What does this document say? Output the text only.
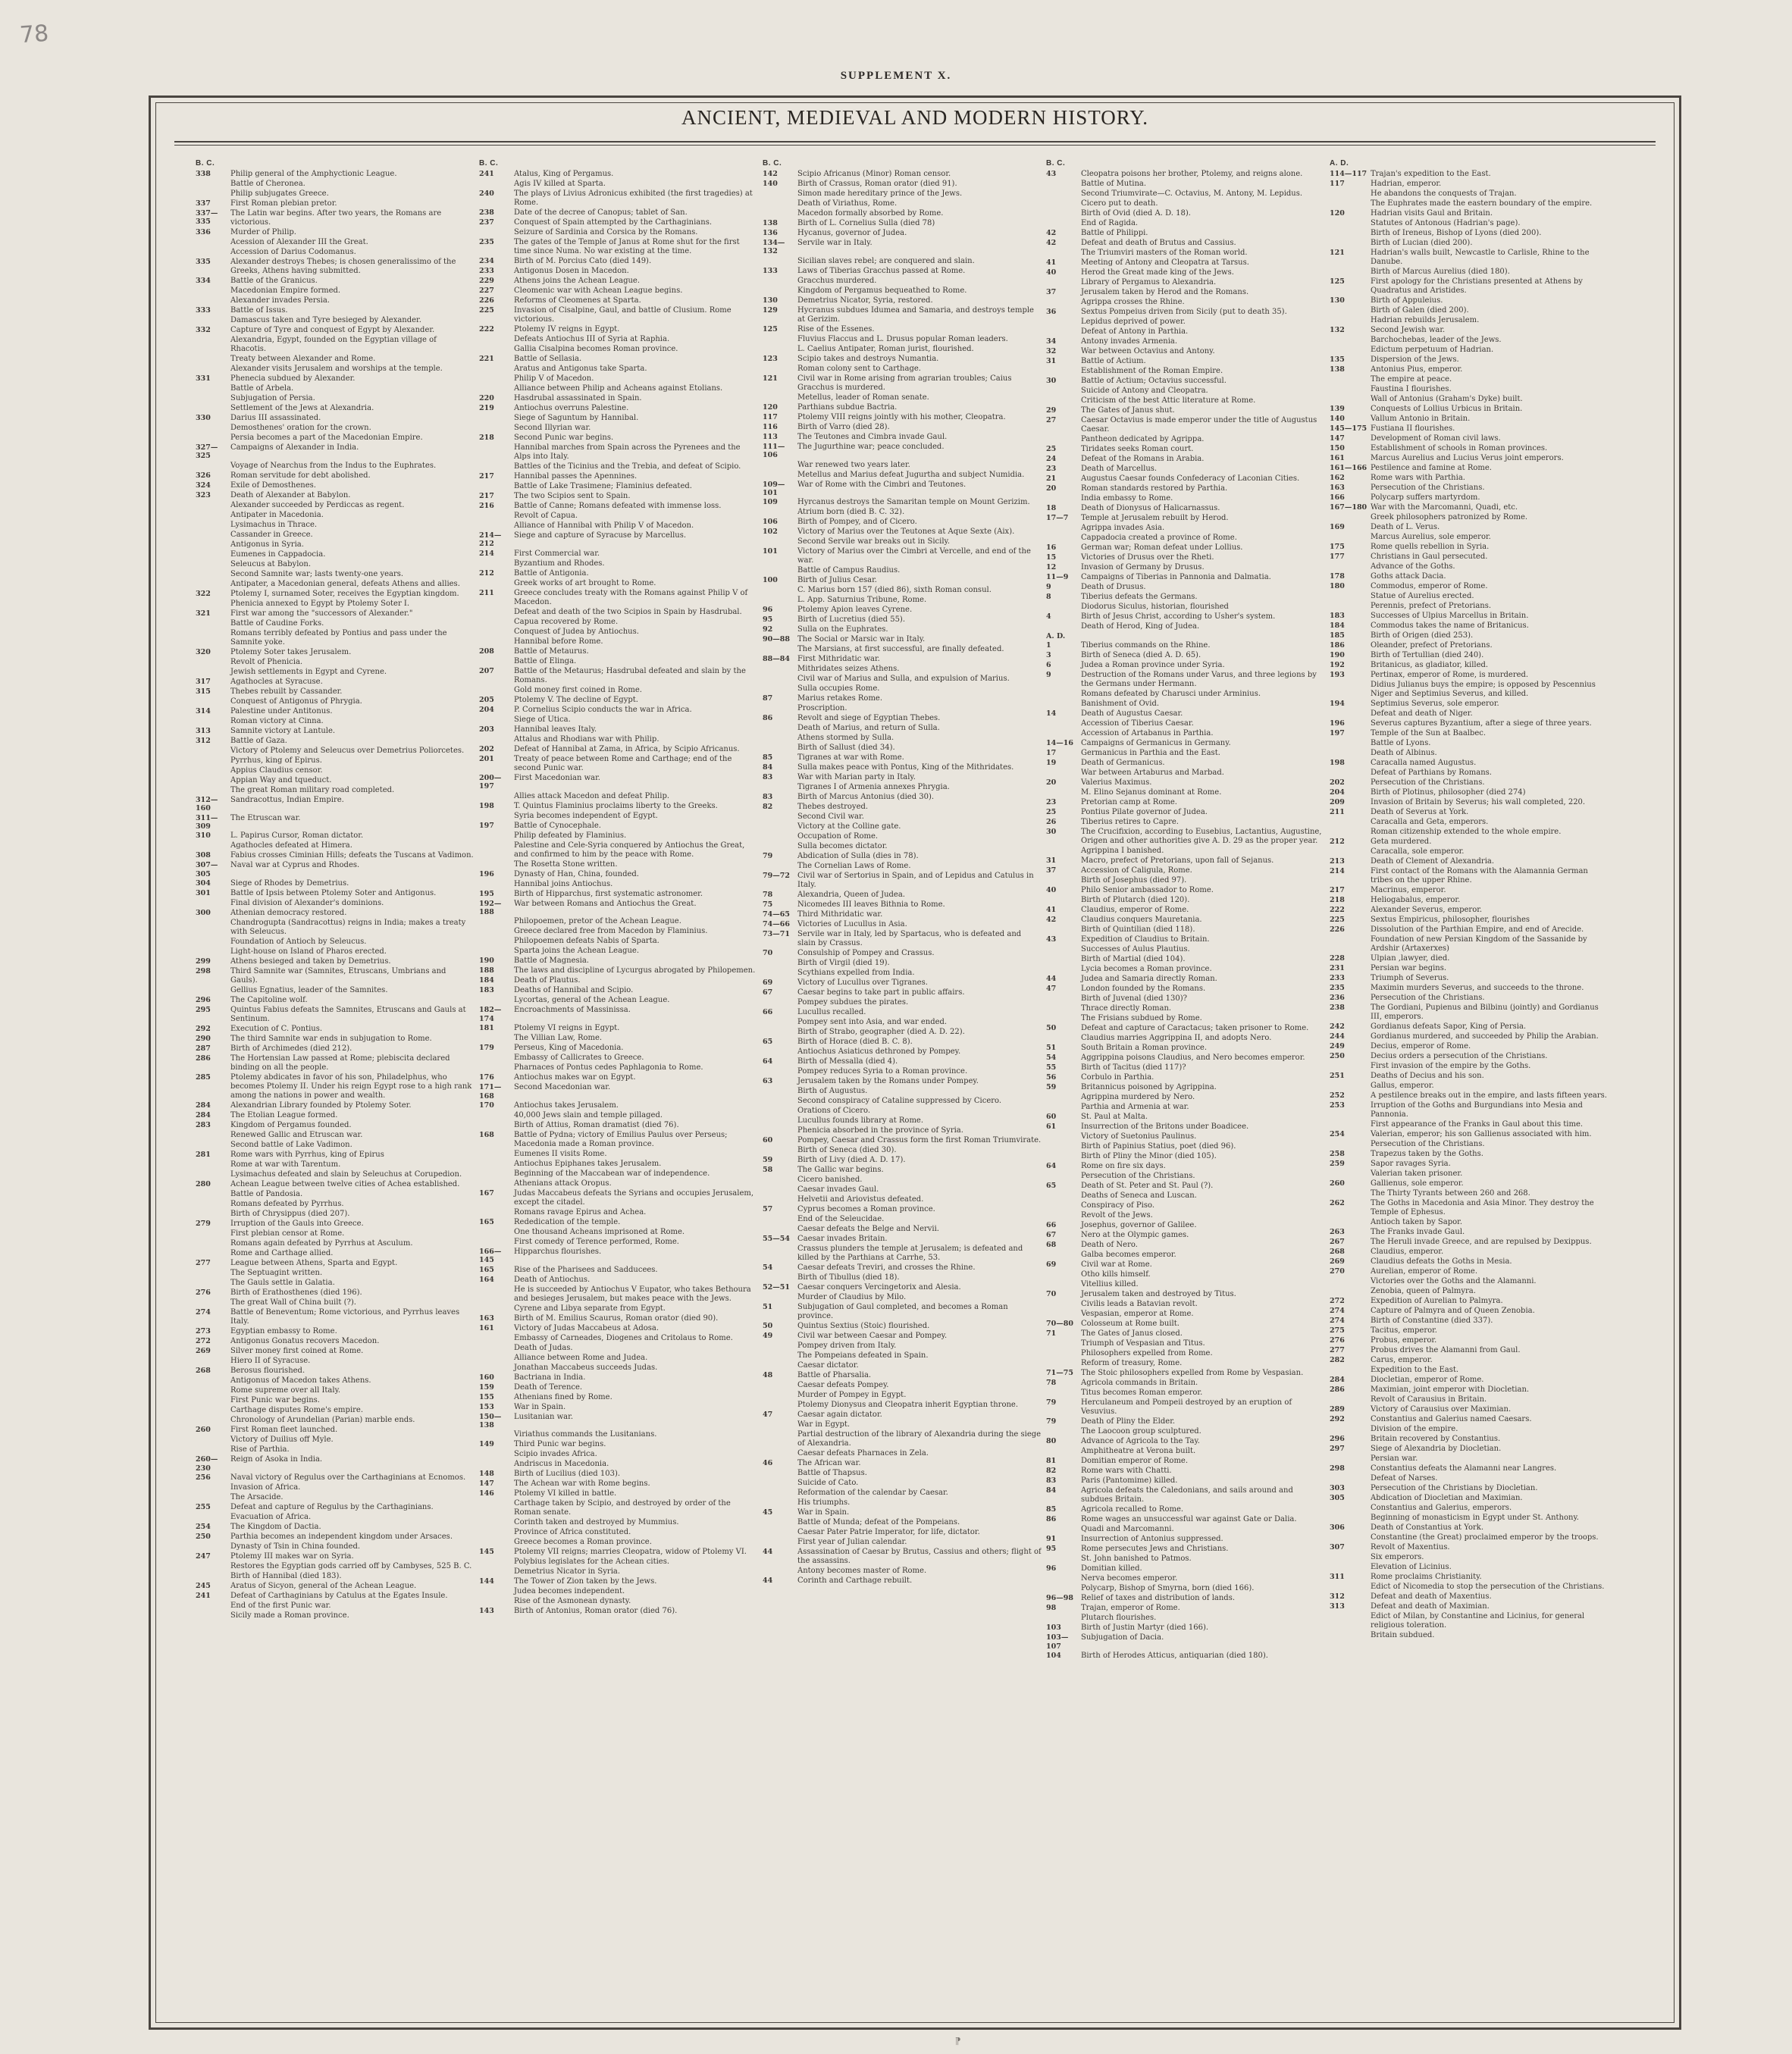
78
SUPPLEMENT X.
ANCIENT, MEDIEVAL AND MODERN HISTORY.
B. C.
338	Philip general of the Amphyctionic League.
Battle of Cheronea.
Philip subjugates Greece.
337	First Roman plebian pretor.
337—335
The Latin war begins. After two years, the Romans are victorious.
336	Murder of Philip.
Acession of Alexander III the Great.
Accession of Darius Codomanus.
335	Alexander destroys Thebes; is chosen generalissimo of the Greeks, Athens having submitted.
334	Battle of the Granicus.
Macedonian Empire formed.
Alexander invades Persia.
333	Battle of Issus.
Damascus taken and Tyre besieged by Alexander.
332	Capture of Tyre and conquest of Egypt by Alexander.
Alexandria, Egypt, founded on the Egyptian village of Rhacotis.
Treaty between Alexander and Rome.
Alexander visits Jerusalem and worships at the temple.
331	Phenecia subdued by Alexander.
Battle of Arbela.
Subjugation of Persia.
Settlement of the Jews at Alexandria.
330	Darius III assassinated.
Demosthenes' oration for the crown.
Persia becomes a part of the Macedonian Empire.
327—325
Campaigns of Alexander in India.
Voyage of Nearchus from the Indus to the Euphrates.
326	Roman servitude for debt abolished.
324	Exile of Demosthenes.
323	Death of Alexander at Babylon.
Alexander succeeded by Perdiccas as regent.
Antipater in Macedonia.
Lysimachus in Thrace.
Cassander in Greece.
Antigonus in Syria.
Eumenes in Cappadocia.
Seleucus at Babylon.
Second Samnite war; lasts twenty-one years.
Antipater, a Macedonian general, defeats Athens and allies.
322	Ptolemy I, surnamed Soter, receives the Egyptian kingdom.
Phenicia annexed to Egypt by Ptolemy Soter I.
321	First war among the "successors of Alexander."
Battle of Caudine Forks.
Romans terribly defeated by Pontius and pass under the Samnite yoke.
320	Ptolemy Soter takes Jerusalem.
Revolt of Phenicia.
Jewish settlements in Egypt and Cyrene.
317	Agathocles at Syracuse.
315	Thebes rebuilt by Cassander.
Conquest of Antigonus of Phrygia.
314	Palestine under Antitonus.
Roman victory at Cinna.
313	Samnite victory at Lantule.
312	Battle of Gaza.
Victory of Ptolemy and Seleucus over Demetrius Poliorcetes.
Pyrrhus, king of Epirus.
Appius Claudius censor.
Appian Way and tqueduct.
The great Roman military road completed.
312—160
Sandracottus, Indian Empire.
311—309
The Etruscan war.
310	L. Papirus Cursor, Roman dictator.
Agathocles defeated at Himera.
308	Fabius crosses Ciminian Hills; defeats the Tuscans at Vadimon.
307—305
Naval war at Cyprus and Rhodes.
304	Siege of Rhodes by Demetrius.
301	Battle of Ipsis between Ptolemy Soter and Antigonus.
Final division of Alexander's dominions.
300	Athenian democracy restored.
Chandrogupta (Sandracottus) reigns in India; makes a treaty with Seleucus.
Foundation of Antioch by Seleucus.
Light-house on Island of Pharos erected.
299	Athens besieged and taken by Demetrius.
298	Third Samnite war (Samnites, Etruscans, Umbrians and Gauls).
Gellius Egnatius, leader of the Samnites.
296	The Capitoline wolf.
295	Quintus Fabius defeats the Samnites, Etruscans and Gauls at Sentinum.
292	Execution of C. Pontius.
290	The third Samnite war ends in subjugation to Rome.
287	Birth of Archimedes (died 212).
286	The Hortensian Law passed at Rome; plebiscita declared binding on all the people.
285	Ptolemy abdicates in favor of his son, Philadelphus, who becomes Ptolemy II. Under his reign Egypt rose to a high rank among the nations in power and wealth.
284	Alexandrian Library founded by Ptolemy Soter.
284	The Etolian League formed.
283	Kingdom of Pergamus founded.
Renewed Gallic and Etruscan war.
Second battle of Lake Vadimon.
281	Rome wars with Pyrrhus, king of Epirus
Rome at war with Tarentum.
Lysimachus defeated and slain by Seleuchus at Corupedion.
280	Achean League between twelve cities of Achea established.
Battle of Pandosia.
Romans defeated by Pyrrhus.
Birth of Chrysippus (died 207).
279	Irruption of the Gauls into Greece.
First plebian censor at Rome.
Romans again defeated by Pyrrhus at Asculum.
Rome and Carthage allied.
277	League between Athens, Sparta and Egypt.
The Septuagint written.
The Gauls settle in Galatia.
276	Birth of Erathosthenes (died 196).
The great Wall of China built (?).
274	Battle of Beneventum; Rome victorious, and Pyrrhus leaves Italy.
273	Egyptian embassy to Rome.
272	Antigonus Gonatus recovers Macedon.
269	Silver money first coined at Rome.
Hiero II of Syracuse.
268	Berosus flourished.
Antigonus of Macedon takes Athens.
Rome supreme over all Italy.
First Punic war begins.
Carthage disputes Rome's empire.
Chronology of Arundelian (Parian) marble ends.
260	First Roman fleet launched.
Victory of Duilius off Myle.
Rise of Parthia.
260—230
Reign of Asoka in India.
256	Naval victory of Regulus over the Carthaginians at Ecnomos.
Invasion of Africa.
The Arsacide.
255	Defeat and capture of Regulus by the Carthaginians.
Evacuation of Africa.
254	The Kingdom of Dactia.
250	Parthia becomes an independent kingdom under Arsaces.
Dynasty of Tsin in China founded.
247	Ptolemy III makes war on Syria.
Restores the Egyptian gods carried off by Cambyses, 525 B. C.
Birth of Hannibal (died 183).
245	Aratus of Sicyon, general of the Achean League.
241	Defeat of Carthaginians by Catulus at the Egates Insule.
End of the first Punic war.
Sicily made a Roman province.
B. C.
241	Atalus, King of Pergamus.
Agis IV killed at Sparta.
240	The plays of Livius Adronicus exhibited (the first tragedies) at Rome.
238	Date of the decree of Canopus; tablet of San.
237	Conquest of Spain attempted by the Carthaginians.
Seizure of Sardinia and Corsica by the Romans.
235	The gates of the Temple of Janus at Rome shut for the first time since Numa. No war existing at the time.
234	Birth of M. Porcius Cato (died 149).
233	Antigonus Dosen in Macedon.
229	Athens joins the Achean League.
227	Cleomenic war with Achean League begins.
226	Reforms of Cleomenes at Sparta.
225	Invasion of Cisalpine, Gaul, and battle of Clusium. Rome victorious.
222	Ptolemy IV reigns in Egypt.
Defeats Antiochus III of Syria at Raphia.
Gallia Cisalpina becomes Roman province.
221	Battle of Sellasia.
Aratus and Antigonus take Sparta.
Philip V of Macedon.
Alliance between Philip and Acheans against Etolians.
220	Hasdrubal assassinated in Spain.
219	Antiochus overruns Palestine.
Siege of Saguntum by Hannibal.
Second Illyrian war.
218	Second Punic war begins.
Hannibal marches from Spain across the Pyrenees and the Alps into Italy.
Battles of the Ticinius and the Trebia, and defeat of Scipio.
217	Hannibal passes the Apennines.
Battle of Lake Trasimene; Flaminius defeated.
217	The two Scipios sent to Spain.
216	Battle of Canne; Romans defeated with immense loss.
Revolt of Capua.
Alliance of Hannibal with Philip V of Macedon.
214—212
Siege and capture of Syracuse by Marcellus.
214	First Commercial war.
Byzantium and Rhodes.
212	Battle of Antigonia.
Greek works of art brought to Rome.
211	Greece concludes treaty with the Romans against Philip V of Macedon.
Defeat and death of the two Scipios in Spain by Hasdrubal.
Capua recovered by Rome.
Conquest of Judea by Antiochus.
Hannibal before Rome.
208	Battle of Metaurus.
Battle of Elinga.
207	Battle of the Metaurus; Hasdrubal defeated and slain by the Romans.
Gold money first coined in Rome.
205	Ptolemy V. The decline of Egypt.
204	P. Cornelius Scipio conducts the war in Africa.
Siege of Utica.
203	Hannibal leaves Italy.
Attalus and Rhodians war with Philip.
202	Defeat of Hannibal at Zama, in Africa, by Scipio Africanus.
201	Treaty of peace between Rome and Carthage; end of the second Punic war.
200—197
First Macedonian war.
Allies attack Macedon and defeat Philip.
198	T. Quintus Flaminius proclaims liberty to the Greeks.
Syria becomes independent of Egypt.
197	Battle of Cynocephale.
Philip defeated by Flaminius.
Palestine and Cele-Syria conquered by Antiochus the Great, and confirmed to him by the peace with Rome.
The Rosetta Stone written.
196	Dynasty of Han, China, founded.
Hannibal joins Antiochus.
195	Birth of Hipparchus, first systematic astronomer.
192—188
War between Romans and Antiochus the Great.
Philopoemen, pretor of the Achean League.
Greece declared free from Macedon by Flaminius.
Philopoemen defeats Nabis of Sparta.
Sparta joins the Achean League.
190	Battle of Magnesia.
188	The laws and discipline of Lycurgus abrogated by Philopemen.
184	Death of Plautus.
183	Deaths of Hannibal and Scipio.
Lycortas, general of the Achean League.
182—174
Encroachments of Massinissa.
181	Ptolemy VI reigns in Egypt.
The Villian Law, Rome.
179	Perseus, King of Macedonia.
Embassy of Callicrates to Greece.
Pharnaces of Pontus cedes Paphlagonia to Rome.
176	Antiochus makes war on Egypt.
171—168
Second Macedonian war.
170	Antiochus takes Jerusalem.
40,000 Jews slain and temple pillaged.
Birth of Attius, Roman dramatist (died 76).
168	Battle of Pydna; victory of Emilius Paulus over Perseus; Macedonia made a Roman province.
Eumenes II visits Rome.
Antiochus Epiphanes takes Jerusalem.
Beginning of the Maccabean war of independence.
Athenians attack Oropus.
167	Judas Maccabeus defeats the Syrians and occupies Jerusalem, except the citadel.
Romans ravage Epirus and Achea.
165	Rededication of the temple.
One thousand Acheans imprisoned at Rome.
First comedy of Terence performed, Rome.
166—145
Hipparchus flourishes.
165	Rise of the Pharisees and Sadducees.
164	Death of Antiochus.
He is succeeded by Antiochus V Eupator, who takes Bethoura and besieges Jerusalem, but makes peace with the Jews.
Cyrene and Libya separate from Egypt.
163	Birth of M. Emilius Scaurus, Roman orator (died 90).
161	Victory of Judas Maccabeus at Adosa.
Embassy of Carneades, Diogenes and Critolaus to Rome.
Death of Judas.
Alliance between Rome and Judea.
Jonathan Maccabeus succeeds Judas.
160	Bactriana in India.
159	Death of Terence.
155	Athenians fined by Rome.
153	War in Spain.
150—138
Lusitanian war.
Viriathus commands the Lusitanians.
149	Third Punic war begins.
Scipio invades Africa.
Andriscus in Macedonia.
148	Birth of Lucilius (died 103).
147	The Achean war with Rome begins.
146	Ptolemy VI killed in battle.
Carthage taken by Scipio, and destroyed by order of the Roman senate.
Corinth taken and destroyed by Mummius.
Province of Africa constituted.
Greece becomes a Roman province.
145	Ptolemy VII reigns; marries Cleopatra, widow of Ptolemy VI.
Polybius legislates for the Achean cities.
Demetrius Nicator in Syria.
144	The Tower of Zion taken by the Jews.
Judea becomes independent.
Rise of the Asmonean dynasty.
143	Birth of Antonius, Roman orator (died 76).
B. C.
142	Scipio Africanus (Minor) Roman censor.
140	Birth of Crassus, Roman orator (died 91).
Simon made hereditary prince of the Jews.
Death of Viriathus, Rome.
Macedon formally absorbed by Rome.
138	Birth of L. Cornelius Sulla (died 78)
136	Hycanus, governor of Judea.
134—132
Servile war in Italy.
Sicilian slaves rebel; are conquered and slain.
133	Laws of Tiberias Gracchus passed at Rome.
Gracchus murdered.
Kingdom of Pergamus bequeathed to Rome.
130	Demetrius Nicator, Syria, restored.
129	Hycranus subdues Idumea and Samaria, and destroys temple at Gerizim.
125	Rise of the Essenes.
Fluvius Flaccus and L. Drusus popular Roman leaders.
L. Caelius Antipater, Roman jurist, flourished.
123	Scipio takes and destroys Numantia.
Roman colony sent to Carthage.
121	Civil war in Rome arising from agrarian troubles; Caius Gracchus is murdered.
Metellus, leader of Roman senate.
120	Parthians subdue Bactria.
117	Ptolemy VIII reigns jointly with his mother, Cleopatra.
116	Birth of Varro (died 28).
113	The Teutones and Cimbra invade Gaul.
111—106
The Jugurthine war; peace concluded.
War renewed two years later.
Metellus and Marius defeat Jugurtha and subject Numidia.
109—101
War of Rome with the Cimbri and Teutones.
109	Hyrcanus destroys the Samaritan temple on Mount Gerizim.
Atrium born (died B. C. 32).
106	Birth of Pompey, and of Cicero.
102	Victory of Marius over the Teutones at Aque Sexte (Aix).
Second Servile war breaks out in Sicily.
101	Victory of Marius over the Cimbri at Vercelle, and end of the war.
Battle of Campus Raudius.
100	Birth of Julius Cesar.
C. Marius born 157 (died 86), sixth Roman consul.
L. App. Saturnius Tribune, Rome.
96	Ptolemy Apion leaves Cyrene.
95	Birth of Lucretius (died 55).
92	Sulla on the Euphrates.
90—88	The Social or Marsic war in Italy.
The Marsians, at first successful, are finally defeated.
88—84	First Mithridatic war.
Mithridates seizes Athens.
Civil war of Marius and Sulla, and expulsion of Marius.
Sulla occupies Rome.
87	Marius retakes Rome.
Proscription.
86	Revolt and siege of Egyptian Thebes.
Death of Marius, and return of Sulla.
Athens stormed by Sulla.
Birth of Sallust (died 34).
85	Tigranes at war with Rome.
84	Sulla makes peace with Pontus, King of the Mithridates.
83	War with Marian party in Italy.
Tigranes I of Armenia annexes Phrygia.
83	Birth of Marcus Antonius (died 30).
82	Thebes destroyed.
Second Civil war.
Victory at the Colline gate.
Occupation of Rome.
Sulla becomes dictator.
79	Abdication of Sulla (dies in 78).
The Cornelian Laws of Rome.
79—72	Civil war of Sertorius in Spain, and of Lepidus and Catulus in Italy.
78	Alexandria, Queen of Judea.
75	Nicomedes III leaves Bithnia to Rome.
74—65	Third Mithridatic war.
74—66	Victories of Lucullus in Asia.
73—71	Servile war in Italy, led by Spartacus, who is defeated and slain by Crassus.
70	Consulship of Pompey and Crassus.
Birth of Virgil (died 19).
Scythians expelled from India.
69	Victory of Lucullus over Tigranes.
67	Caesar begins to take part in public affairs.
Pompey subdues the pirates.
66	Lucullus recalled.
Pompey sent into Asia, and war ended.
Birth of Strabo, geographer (died A. D. 22).
65	Birth of Horace (died B. C. 8).
Antiochus Asiaticus dethroned by Pompey.
64	Birth of Messalla (died 4).
Pompey reduces Syria to a Roman province.
63	Jerusalem taken by the Romans under Pompey.
Birth of Augustus.
Second conspiracy of Cataline suppressed by Cicero.
Orations of Cicero.
Lucullus founds library at Rome.
Phenicia absorbed in the province of Syria.
60	Pompey, Caesar and Crassus form the first Roman Triumvirate.
Birth of Seneca (died 30).
59	Birth of Livy (died A. D. 17).
58	The Gallic war begins.
Cicero banished.
Caesar invades Gaul.
Helvetii and Ariovistus defeated.
57	Cyprus becomes a Roman province.
End of the Seleucidae.
Caesar defeats the Belge and Nervii.
55—54	Caesar invades Britain.
Crassus plunders the temple at Jerusalem; is defeated and killed by the Parthians at Carrhe, 53.
54	Caesar defeats Treviri, and crosses the Rhine.
Birth of Tibullus (died 18).
52—51	Caesar conquers Vercingetorix and Alesia.
Murder of Claudius by Milo.
51	Subjugation of Gaul completed, and becomes a Roman province.
50	Quintus Sextius (Stoic) flourished.
49	Civil war between Caesar and Pompey.
Pompey driven from Italy.
The Pompeians defeated in Spain.
Caesar dictator.
48	Battle of Pharsalia.
Caesar defeats Pompey.
Murder of Pompey in Egypt.
Ptolemy Dionysus and Cleopatra inherit Egyptian throne.
47	Caesar again dictator.
War in Egypt.
Partial destruction of the library of Alexandria during the siege of Alexandria.
Caesar defeats Pharnaces in Zela.
46	The African war.
Battle of Thapsus.
Suicide of Cato.
Reformation of the calendar by Caesar.
His triumphs.
45	War in Spain.
Battle of Munda; defeat of the Pompeians.
Caesar Pater Patrie Imperator, for life, dictator.
First year of Julian calendar.
44	Assassination of Caesar by Brutus, Cassius and others; flight of the assassins.
Antony becomes master of Rome.
44	Corinth and Carthage rebuilt.
B. C.
43	Cleopatra poisons her brother, Ptolemy, and reigns alone.
Battle of Mutina.
Second Triumvirate—C. Octavius, M. Antony, M. Lepidus.
Cicero put to death.
Birth of Ovid (died A. D. 18).
End of Ragida.
42	Battle of Philippi.
42	Defeat and death of Brutus and Cassius.
The Triumviri masters of the Roman world.
41	Meeting of Antony and Cleopatra at Tarsus.
40	Herod the Great made king of the Jews.
Library of Pergamus to Alexandria.
37	Jerusalem taken by Herod and the Romans.
Agrippa crosses the Rhine.
36	Sextus Pompeius driven from Sicily (put to death 35).
Lepidus deprived of power.
Defeat of Antony in Parthia.
34	Antony invades Armenia.
32	War between Octavius and Antony.
31	Battle of Actium.
Establishment of the Roman Empire.
30	Battle of Actium; Octavius successful.
Suicide of Antony and Cleopatra.
Criticism of the best Attic literature at Rome.
29	The Gates of Janus shut.
27	Caesar Octavius is made emperor under the title of Augustus Caesar.
Pantheon dedicated by Agrippa.
25	Tiridates seeks Roman court.
24	Defeat of the Romans in Arabia.
23	Death of Marcellus.
21	Augustus Caesar founds Confederacy of Laconian Cities.
20	Roman standards restored by Parthia.
India embassy to Rome.
18	Death of Dionysus of Halicarnassus.
17—7	Temple at Jerusalem rebuilt by Herod.
Agrippa invades Asia.
Cappadocia created a province of Rome.
16	German war; Roman defeat under Lollius.
15	Victories of Drusus over the Rheti.
12	Invasion of Germany by Drusus.
11—9	Campaigns of Tiberias in Pannonia and Dalmatia.
9	Death of Drusus.
8	Tiberius defeats the Germans.
Diodorus Siculus, historian, flourished
4	Birth of Jesus Christ, according to Usher's system.
Death of Herod, King of Judea.
A. D.
1	Tiberius commands on the Rhine.
3	Birth of Seneca (died A. D. 65).
6	Judea a Roman province under Syria.
9	Destruction of the Romans under Varus, and three legions by the Germans under Hermann.
Romans defeated by Charusci under Arminius.
Banishment of Ovid.
14	Death of Augustus Caesar.
Accession of Tiberius Caesar.
Accession of Artabanus in Parthia.
14—16	Campaigns of Germanicus in Germany.
17	Germanicus in Parthia and the East.
19	Death of Germanicus.
War between Artaburus and Marbad.
20	Valerius Maximus.
M. Elino Sejanus dominant at Rome.
23	Pretorian camp at Rome.
25	Pontius Pilate governor of Judea.
26	Tiberius retires to Capre.
30	The Crucifixion, according to Eusebius, Lactantius, Augustine, Origen and other authorities give A. D. 29 as the proper year.
Agrippina I banished.
31	Macro, prefect of Pretorians, upon fall of Sejanus.
37	Accession of Caligula, Rome.
Birth of Josephus (died 97).
40	Philo Senior ambassador to Rome.
Birth of Plutarch (died 120).
41	Claudius, emperor of Rome.
42	Claudius conquers Mauretania.
Birth of Quintilian (died 118).
43	Expedition of Claudius to Britain.
Successes of Aulus Plautius.
Birth of Martial (died 104).
Lycia becomes a Roman province.
44	Judea and Samaria directly Roman.
47	London founded by the Romans.
Birth of Juvenal (died 130)?
Thrace directly Roman.
The Frisians subdued by Rome.
50	Defeat and capture of Caractacus; taken prisoner to Rome.
Claudius marries Aggrippina II, and adopts Nero.
51	South Britain a Roman province.
54	Aggrippina poisons Claudius, and Nero becomes emperor.
55	Birth of Tacitus (died 117)?
56	Corbulo in Parthia.
59	Britannicus poisoned by Agrippina.
Agrippina murdered by Nero.
Parthia and Armenia at war.
60	St. Paul at Malta.
61	Insurrection of the Britons under Boadicee.
Victory of Suetonius Paulinus.
Birth of Papinius Statius, poet (died 96).
Birth of Pliny the Minor (died 105).
64	Rome on fire six days.
Persecution of the Christians.
65	Death of St. Peter and St. Paul (?).
Deaths of Seneca and Luscan.
Conspiracy of Piso.
Revolt of the Jews.
66	Josephus, governor of Galilee.
67	Nero at the Olympic games.
68	Death of Nero.
Galba becomes emperor.
69	Civil war at Rome.
Otho kills himself.
Vitellius killed.
70	Jerusalem taken and destroyed by Titus.
Civilis leads a Batavian revolt.
Vespasian, emperor at Rome.
70—80	Colosseum at Rome built.
71	The Gates of Janus closed.
Triumph of Vespasian and Titus.
Philosophers expelled from Rome.
Reform of treasury, Rome.
71—75	The Stoic philosophers expelled from Rome by Vespasian.
78	Agricola commands in Britain.
Titus becomes Roman emperor.
79	Herculaneum and Pompeii destroyed by an eruption of Vesuvius.
79	Death of Pliny the Elder.
The Laocoon group sculptured.
80	Advance of Agricola to the Tay.
Amphitheatre at Verona built.
81	Domitian emperor of Rome.
82	Rome wars with Chatti.
83	Paris (Pantomime) killed.
84	Agricola defeats the Caledonians, and sails around and subdues Britain.
85	Agricola recalled to Rome.
86	Rome wages an unsuccessful war against Gate or Dalia.
Quadi and Marcomanni.
91	Insurrection of Antonius suppressed.
95	Rome persecutes Jews and Christians.
St. John banished to Patmos.
96	Domitian killed.
Nerva becomes emperor.
Polycarp, Bishop of Smyrna, born (died 166).
96—98	Relief of taxes and distribution of lands.
98	Trajan, emperor of Rome.
Plutarch flourishes.
103	Birth of Justin Martyr (died 166).
103—107
Subjugation of Dacia.
104	Birth of Herodes Atticus, antiquarian (died 180).
A. D.
114—117 Trajan's expedition to the East.
117	Hadrian, emperor.
He abandons the conquests of Trajan.
The Euphrates made the eastern boundary of the empire.
120	Hadrian visits Gaul and Britain.
Statutes of Antonous (Hadrian's page).
Birth of Ireneus, Bishop of Lyons (died 200).
Birth of Lucian (died 200).
121	Hadrian's walls built, Newcastle to Carlisle, Rhine to the Danube.
Birth of Marcus Aurelius (died 180).
125	First apology for the Christians presented at Athens by Quadratus and Aristides.
130	Birth of Appuleius.
Birth of Galen (died 200).
Hadrian rebuilds Jerusalem.
132	Second Jewish war.
Barchochebas, leader of the Jews.
Edictum perpetuum of Hadrian.
135	Dispersion of the Jews.
138	Antonius Pius, emperor.
The empire at peace.
Faustina I flourishes.
Wall of Antonius (Graham's Dyke) built.
139	Conquests of Lollius Urbicus in Britain.
140	Vallum Antonio in Britain.
145—175 Fustiana II flourishes.
147	Development of Roman civil laws.
150	Establishment of schools in Roman provinces.
161	Marcus Aurelius and Lucius Verus joint emperors.
161—166 Pestilence and famine at Rome.
162	Rome wars with Parthia.
163	Persecution of the Christians.
166	Polycarp suffers martyrdom.
167—180 War with the Marcomanni, Quadi, etc.
Greek philosophers patronized by Rome.
169	Death of L. Verus.
Marcus Aurelius, sole emperor.
175	Rome quells rebellion in Syria.
177	Christians in Gaul persecuted.
Advance of the Goths.
178	Goths attack Dacia.
180	Commodus, emperor of Rome.
Statue of Aurelius erected.
Perennis, prefect of Pretorians.
183	Successes of Ulpius Marcellus in Britain.
184	Commodus takes the name of Britanicus.
185	Birth of Origen (died 253).
186	Oleander, prefect of Pretorians.
190	Birth of Tertullian (died 240).
192	Britanicus, as gladiator, killed.
193	Pertinax, emperor of Rome, is murdered.
Didius Julianus buys the empire; is opposed by Pescennius Niger and Septimius Severus, and killed.
194	Septimius Severus, sole emperor.
Defeat and death of Niger.
196	Severus captures Byzantium, after a siege of three years.
197	Temple of the Sun at Baalbec.
Battle of Lyons.
Death of Albinus.
198	Caracalla named Augustus.
Defeat of Parthians by Romans.
202	Persecution of the Christians.
204	Birth of Plotinus, philosopher (died 274)
209	Invasion of Britain by Severus; his wall completed, 220.
211	Death of Severus at York.
Caracalla and Geta, emperors.
Roman citizenship extended to the whole empire.
212	Geta murdered.
Caracalla, sole emperor.
213	Death of Clement of Alexandria.
214	First contact of the Romans with the Alamannia German tribes on the upper Rhine.
217	Macrinus, emperor.
218	Heliogabalus, emperor.
222	Alexander Severus, emperor.
225	Sextus Empiricus, philosopher, flourishes
226	Dissolution of the Parthian Empire, and end of Arecide.
Foundation of new Persian Kingdom of the Sassanide by Ardshir (Artaxerxes)
228	Ulpian ,lawyer, died.
231	Persian war begins.
233	Triumph of Severus.
235	Maximin murders Severus, and succeeds to the throne.
236	Persecution of the Christians.
238	The Gordiani, Pupienus and Bilbinu (jointly) and Gordianus III, emperors.
242	Gordianus defeats Sapor, King of Persia.
244	Gordianus murdered, and succeeded by Philip the Arabian.
249	Decius, emperor of Rome.
250	Decius orders a persecution of the Christians.
First invasion of the empire by the Goths.
251	Deaths of Decius and his son.
Gallus, emperor.
252	A pestilence breaks out in the empire, and lasts fifteen years.
253	Irruption of the Goths and Burgundians into Mesia and Pannonia.
First appearance of the Franks in Gaul about this time.
254	Valerian, emperor; his son Gallienus associated with him.
Persecution of the Christians.
258	Trapezus taken by the Goths.
259	Sapor ravages Syria.
Valerian taken prisoner.
260	Gallienus, sole emperor.
The Thirty Tyrants between 260 and 268.
262	The Goths in Macedonia and Asia Minor. They destroy the Temple of Ephesus.
Antioch taken by Sapor.
263	The Franks invade Gaul.
267	The Heruli invade Greece, and are repulsed by Dexippus.
268	Claudius, emperor.
269	Claudius defeats the Goths in Mesia.
270	Aurelian, emperor of Rome.
Victories over the Goths and the Alamanni.
Zenobia, queen of Palmyra.
272	Expedition of Aurelian to Palmyra.
274	Capture of Palmyra and of Queen Zenobia.
274	Birth of Constantine (died 337).
275	Tacitus, emperor.
276	Probus, emperor.
277	Probus drives the Alamanni from Gaul.
282	Carus, emperor.
Expedition to the East.
284	Diocletian, emperor of Rome.
286	Maximian, joint emperor with Diocletian.
Revolt of Carausius in Britain.
289	Victory of Carausius over Maximian.
292	Constantius and Galerius named Caesars.
Division of the empire.
296	Britain recovered by Constantius.
297	Siege of Alexandria by Diocletian.
Persian war.
298	Constantius defeats the Alamanni near Langres.
Defeat of Narses.
303	Persecution of the Christians by Diocletian.
305	Abdication of Diocletian and Maximian.
Constantius and Galerius, emperors.
Beginning of monasticism in Egypt under St. Anthony.
306	Death of Constantius at York.
Constantine (the Great) proclaimed emperor by the troops.
307	Revolt of Maxentius.
Six emperors.
Elevation of Licinius.
311	Rome proclaims Christianity.
Edict of Nicomedia to stop the persecution of the Christians.
312	Defeat and death of Maxentius.
313	Defeat and death of Maximian.
Edict of Milan, by Constantine and Licinius, for general religious toleration.
Britain subdued.
⁋
